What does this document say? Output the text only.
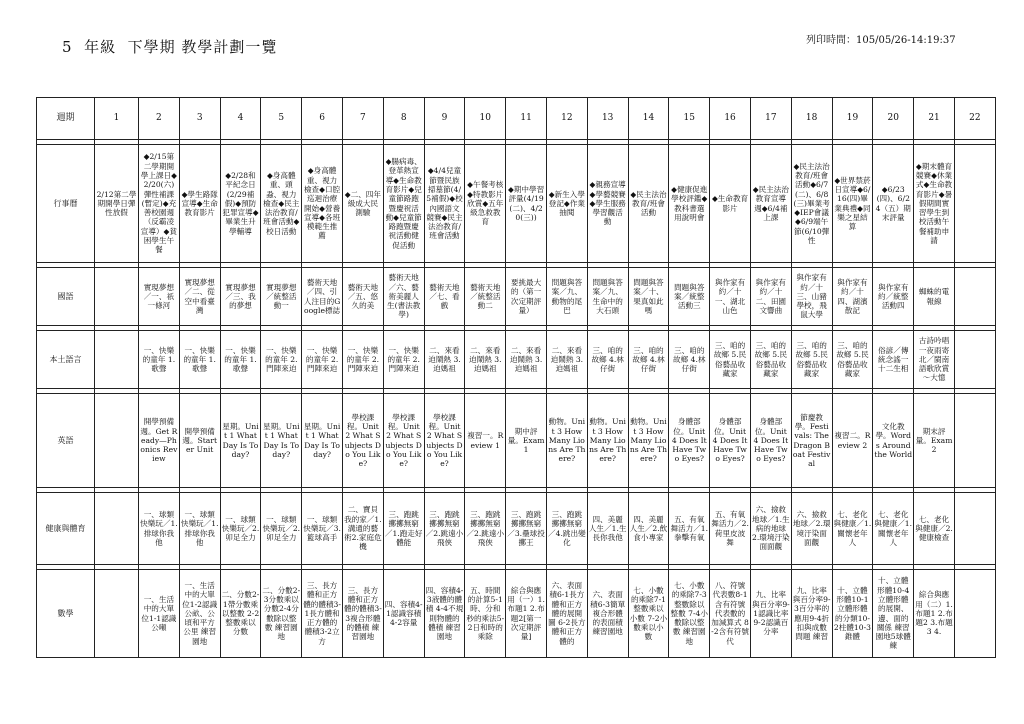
5  年級  下學期 教學計劃一覽	列印時間：105/05/26-14:19:37
週期	1	2	3	4	5	6	7	8	9	10	11	12	13	14	15	16	17	18	19	20	21	22

行事曆	2/12第二學期開學日彈性放假	◆2/15第二學期開學上課日◆2/20(六)彈性補課(暫定)◆充善校園週（反霸凌宣導）◆貧困學生午餐	◆學生路隊宣導◆生命教育影片	◆2/28和平紀念日(2/29補假)◆預防犯罪宣導◆畢業生升學輔導	◆身高體重、頭蝨、視力檢查◆民主法治教育/班會活動◆校日活動	◆身高體重、視力檢查◆口腔巡迴治療開始◆營養宣導◆各班模範生推薦	◆二、四年級成大民測驗	◆腸病毒、登革熱宣導◆生命教育影片◆兒童節路跑暨慶祝活動◆兒童節路跑暨慶祝活動健促活動	◆4/4兒童節暨民族掃墓節(4/5補假)◆校內國語文競賽◆民主法治教育/班會活動	◆午餐考核◆特教影片欣賞◆五年級急救教育	◆期中學習評量(4/19(二)、4/20(三))	◆新生入學登記◆作業抽閱	◆親務宣導◆學藝競賽◆學生服務學習觀活動	◆民主法治教育/班會活動	◆健康促進學校評鑑◆教科書選用說明會	◆生命教育影片	◆民主法治教育宣導週◆6/4補上課	◆民主法治教育/班會活動◆6/7(二)、6/8(三)畢業考◆IEP會議◆6/9端午節(6/10彈性	◆世界禁菸日宣導◆6/16(四)畢業典禮◆同樂之星結算	◆6/23(四)、6/24（五）期末評量	◆期末體育競賽◆休業式◆生命教育影片◆暑假期間實習學生到校活動午餐補助申請	

國語		實現夢想／一、祇一條河	實現夢想／二、從空中看臺灣	實現夢想／三、我的夢想	實現夢想／統整活動一	藝術天地／四、引人注目的Google標誌	藝術天地／五、悠久的美	藝術天地／六、藝術美麗人生(書法教學)	藝術天地／七、看戲	藝術天地／統整活動二	要挑最大的（第一次定期評量）	問題與答案／九、動物的尾巴	問題與答案／九、生命中的大石頭	問題與答案／十、果真如此嗎	問題與答案／統整活動三	與作家有約／十一、湖北山色	與作家有約／十二、田園文響曲	與作家有約／十三、山豬學校，飛鼠大學	與作家有約／十四、湖濱散記	與作家有約／統整活動四	蜘蛛的電報線	

本土語言		一、快樂的童年 1.歌聲	一、快樂的童年 1.歌聲	一、快樂的童年 1.歌聲	一、快樂的童年 2.門陣來迫	一、快樂的童年 2.門陣來迫	一、快樂的童年 2.門陣來迫	一、快樂的童年 2.門陣來迫	二、來看迫鬧熱 3.迫媽祖	二、來看迫鬧熱 3.迫媽祖	二、來看迫鬧熱 3.迫媽祖	二、來看迫鬧熱 3.迫媽祖	三、咱的故鄉 4.林仔街	三、咱的故鄉 4.林仔街	三、咱的故鄉 4.林仔街	三、咱的故鄉 5.民俗藝品收藏家	三、咱的故鄉 5.民俗藝品收藏家	三、咱的故鄉 5.民俗藝品收藏家	三、咱的故鄉 5.民俗藝品收藏家	俗諺／傳統念謠一十二生相	古詩吟唱一夜雨寄北／閩南語歌欣賞～大憶	

英語		開學預備週。Get Ready—Phonics Review	開學預備週。Starter Unit	星期。Unit 1 What Day Is Today?	星期。Unit 1 What Day Is Today?	星期。Unit 1 What Day Is Today?	學校課程。Unit 2 What Subjects Do You Like?	學校課程。Unit 2 What Subjects Do You Like?	學校課程。Unit 2 What Subjects Do You Like?	複習一。Review 1	期中評量。Exam 1	動物。Unit 3 How Many Lions Are There?	動物。Unit 3 How Many Lions Are There?	動物。Unit 3 How Many Lions Are There?	身體部位。Unit 4 Does It Have Two Eyes?	身體部位。Unit 4 Does It Have Two Eyes?	身體部位。Unit 4 Does It Have Two Eyes?	節慶教學。Festivals: The Dragon Boat Festival	複習二。Review 2	文化教學。Words Around the World	期末評量。Exam 2	

健康與體育		一、球類快樂玩／1.排球你我他	一、球類快樂玩／1.排球你我他	一、球類快樂玩／2.卯足全力	一、球類快樂玩／2.卯足全力	一、球類快樂玩／3.籃球高手	二、寶貝我的家／1.溝通的藝術2.家庭危機	三、跑跳擲擲無窮／1.跑走好體能	三、跑跳擲擲無窮／2.跳遠小飛俠	三、跑跳擲擲無窮／2.跳遠小飛俠	三、跑跳擲擲無窮／3.壘球投擲王	三、跑跳擲擲無窮／4.跳出變化	四、美麗人生／1.生長你我他	四、美麗人生／2.飲食小專家	五、有氧舞活力／1.拳擊有氧	五、有氧舞活力／2.荷里皮波舞	六、撿救地球／1.生病的地球 2.環境汙染面面觀	六、撿救地球／2.環境汙染面面觀	七、老化與健康／1.關懷老年人	七、老化與健康／1.關懷老年人	七、老化與健康／2.健康檢查	

數學		一、生活中的大單位1-1認識公噸	一、生活中的大單位1-2認識公畝、公頃和平方公里 練習園地	二、分數2-1帶分數乘以整數 2-2整數乘以分數	二、分數2-3分數乘以分數2-4分數除以整數 練習園地	三、長方體和正方體的體積3-1長方體和正方體的體積3-2立方	三、長方體和正方體的體積3-3複合形體的體積 練習園地	四、容積4-1認識容積 4-2容量	四、容積4-3液體的體積 4-4不規則物體的體積 練習園地	五、時間的計算5-1時、分和秒的乘法5-2日和時的乘除	綜合與應用（一）1.布題1 2.布題2[第一次定期評量]	六、表面積6-1長方體和正方體的展開圖 6-2長方體和正方體的	六、表面積6-3簡單複合形體的表面積 練習園地	七、小數的乘除7-1整數乘以小數 7-2小數乘以小數	七、小數的乘除7-3整數除以整數 7-4小數除以整數 練習園地	八、符號代表數8-1含有符號代表數的加減算式 8-2含有符號代	九、比率與百分率9-1認識比率 9-2認識百分率	九、比率與百分率9-3百分率的應用9-4折扣與成數問題 練習	十、立體形體10-1立體形體的分類10-2柱體10-3錐體	十、立體形體10-4立體形體的展開、邊、面的關係 練習園地5球體 練	綜合與應用（二）1.布題1 2.布題2 3.布題3 4.	
